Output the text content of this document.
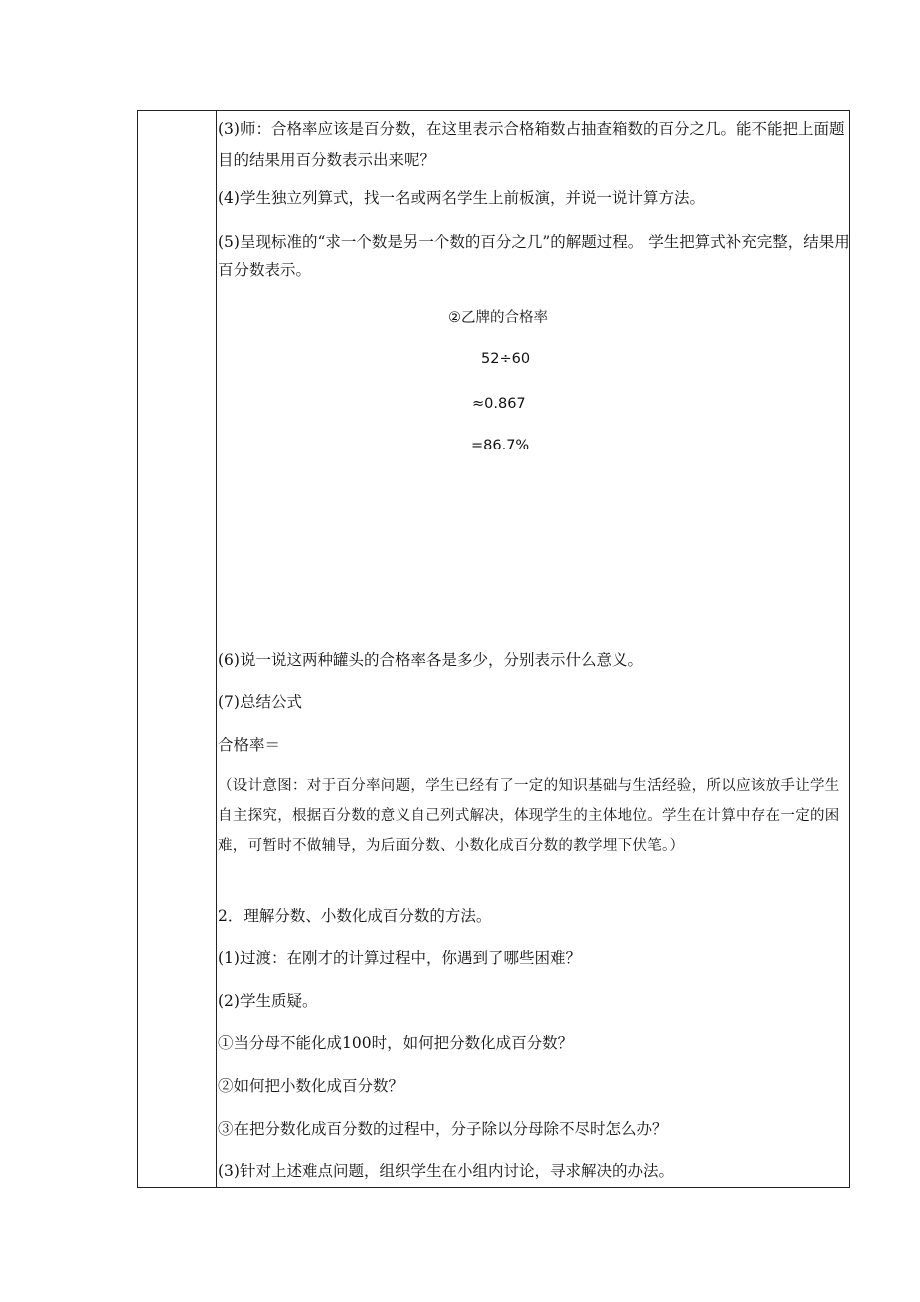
(3)师：合格率应该是百分数，在这里表示合格箱数占抽查箱数的百分之几。能不能把上面题目的结果用百分数表示出来呢？
(4)学生独立列算式，找一名或两名学生上前板演，并说一说计算方法。
(5)呈现标准的“求一个数是另一个数的百分之几”的解题过程。 学生把算式补充完整，结果用百分数表示。
②乙牌的合格率
52÷60
≈0.867
=86.7%
(6)说一说这两种罐头的合格率各是多少，分别表示什么意义。
(7)总结公式
合格率＝
（设计意图：对于百分率问题，学生已经有了一定的知识基础与生活经验，所以应该放手让学生自主探究，根据百分数的意义自己列式解决，体现学生的主体地位。学生在计算中存在一定的困难，可暂时不做辅导，为后面分数、小数化成百分数的教学埋下伏笔。）
2．理解分数、小数化成百分数的方法。
(1)过渡：在刚才的计算过程中，你遇到了哪些困难？
(2)学生质疑。
①当分母不能化成100时，如何把分数化成百分数？
②如何把小数化成百分数？
③在把分数化成百分数的过程中，分子除以分母除不尽时怎么办？
(3)针对上述难点问题，组织学生在小组内讨论，寻求解决的办法。
